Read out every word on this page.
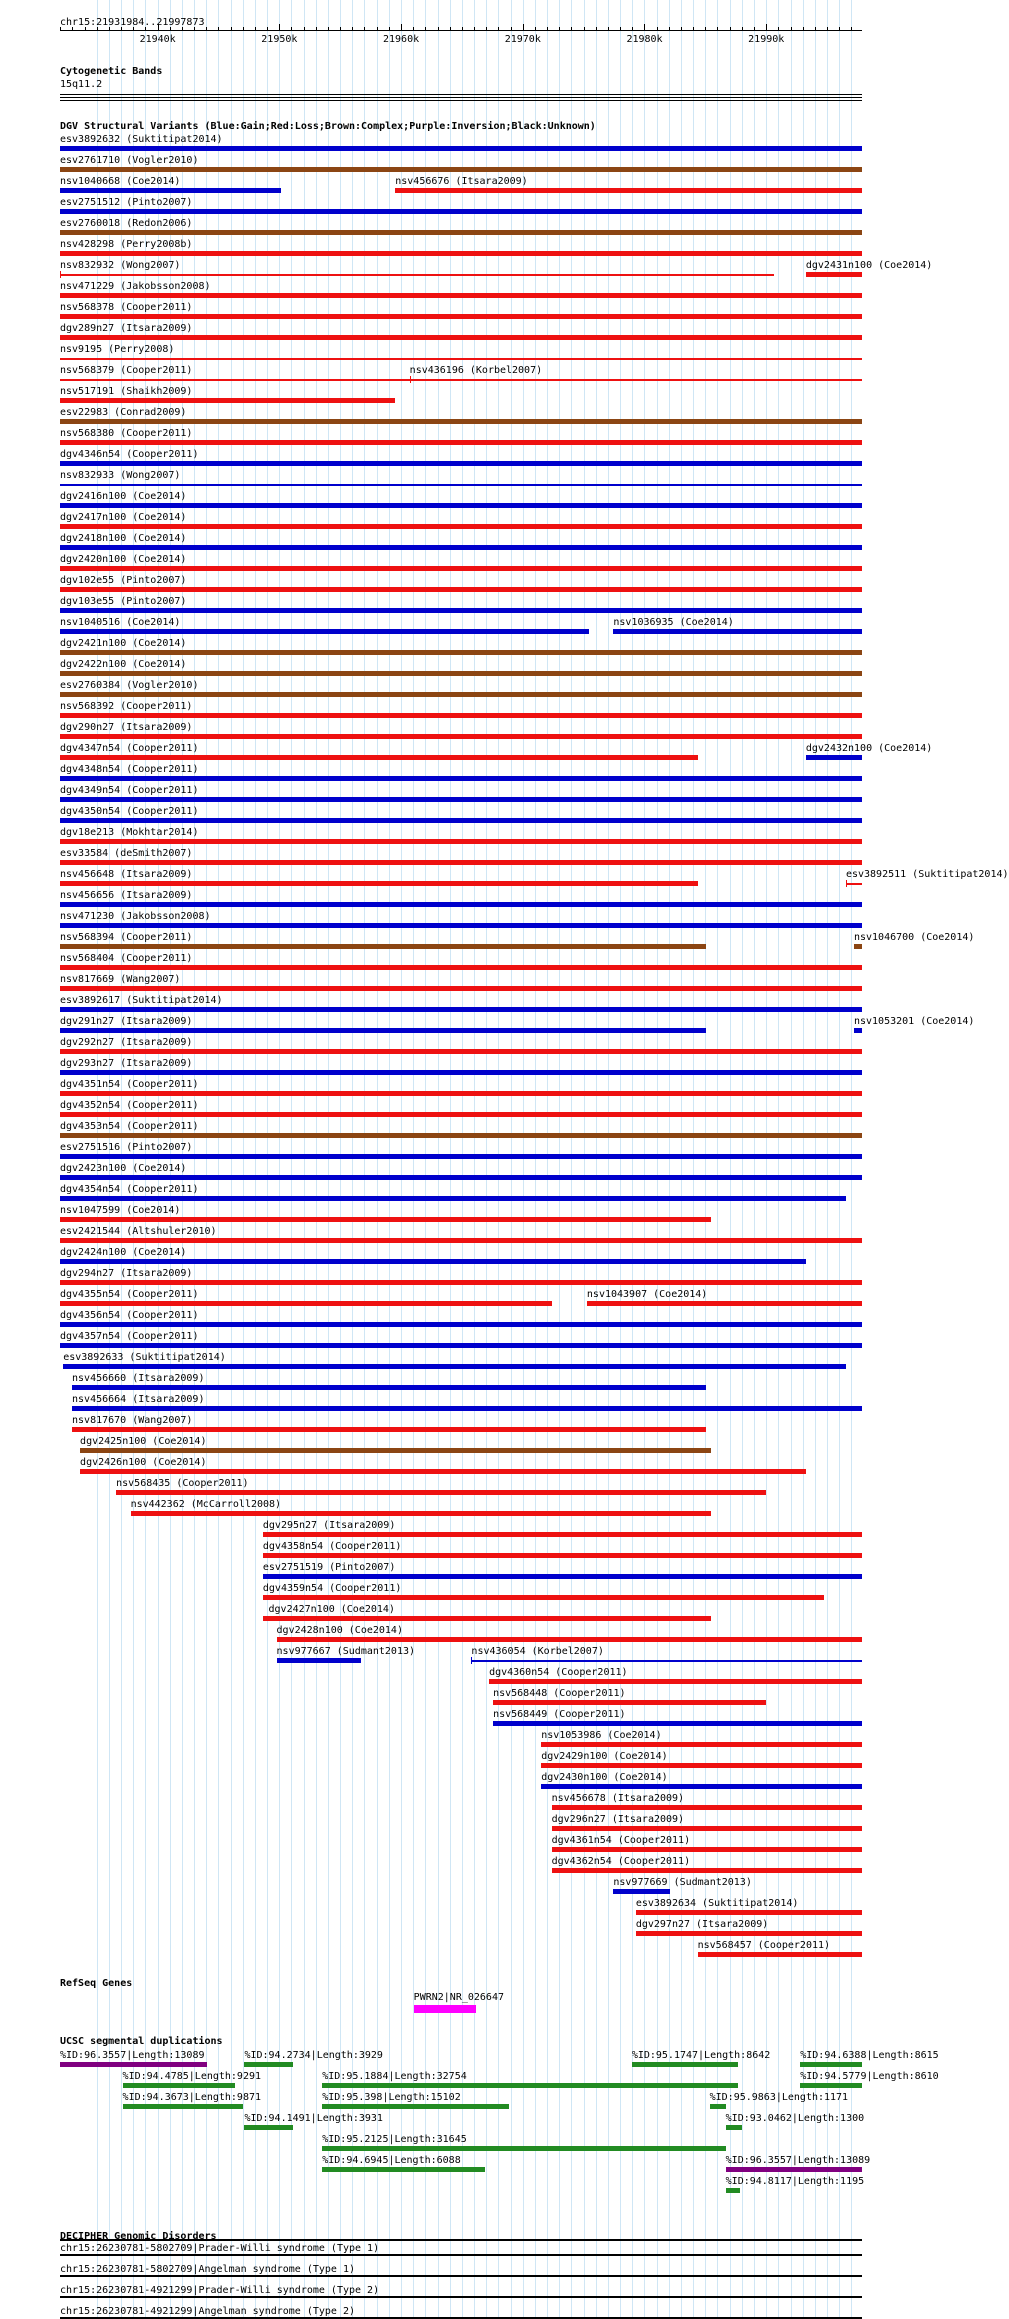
21940k	21950k	21960k	21970k	21980k	21990k
esv3892632 (Suktitipat2014)
esv2761710 (Vogler2010)
nsv1040668 (Coe2014)	nsv456676 (Itsara2009)
esv2751512 (Pinto2007)
esv2760018 (Redon2006)
nsv428298 (Perry2008b)
nsv832932 (Wong2007)	dgv2431n100 (Coe2014)
nsv471229 (Jakobsson2008)
nsv568378 (Cooper2011)
dgv289n27 (Itsara2009)
nsv9195 (Perry2008)
nsv568379 (Cooper2011)	nsv436196 (Korbel2007)
nsv517191 (Shaikh2009)
esv22983 (Conrad2009)
nsv568380 (Cooper2011)
dgv4346n54 (Cooper2011)
nsv832933 (Wong2007)
dgv2416n100 (Coe2014)
dgv2417n100 (Coe2014)
dgv2418n100 (Coe2014)
dgv2420n100 (Coe2014)
dgv102e55 (Pinto2007)
dgv103e55 (Pinto2007)
nsv1040516 (Coe2014)	nsv1036935 (Coe2014)
dgv2421n100 (Coe2014)
dgv2422n100 (Coe2014)
esv2760384 (Vogler2010)
nsv568392 (Cooper2011)
dgv290n27 (Itsara2009)
dgv4347n54 (Cooper2011)	dgv2432n100 (Coe2014)
dgv4348n54 (Cooper2011)
dgv4349n54 (Cooper2011)
dgv4350n54 (Cooper2011)
dgv18e213 (Mokhtar2014)
esv33584 (deSmith2007)
nsv456648 (Itsara2009)	esv3892511 (Suktitipat2014)
nsv456656 (Itsara2009)
nsv471230 (Jakobsson2008)
nsv568394 (Cooper2011)	nsv1046700 (Coe2014)
nsv568404 (Cooper2011)
nsv817669 (Wang2007)
esv3892617 (Suktitipat2014)
dgv291n27 (Itsara2009)	nsv1053201 (Coe2014)
dgv292n27 (Itsara2009)
dgv293n27 (Itsara2009)
dgv4351n54 (Cooper2011)
dgv4352n54 (Cooper2011)
dgv4353n54 (Cooper2011)
esv2751516 (Pinto2007)
dgv2423n100 (Coe2014)
dgv4354n54 (Cooper2011)
nsv1047599 (Coe2014)
esv2421544 (Altshuler2010)
dgv2424n100 (Coe2014)
dgv294n27 (Itsara2009)
dgv4355n54 (Cooper2011)	nsv1043907 (Coe2014)
dgv4356n54 (Cooper2011)
dgv4357n54 (Cooper2011)
esv3892633 (Suktitipat2014)
nsv456660 (Itsara2009)
nsv456664 (Itsara2009)
nsv817670 (Wang2007)
dgv2425n100 (Coe2014)
dgv2426n100 (Coe2014)
nsv568435 (Cooper2011)
nsv442362 (McCarroll2008)
dgv295n27 (Itsara2009)
dgv4358n54 (Cooper2011)
esv2751519 (Pinto2007)
dgv4359n54 (Cooper2011)
dgv2427n100 (Coe2014)
dgv2428n100 (Coe2014)
nsv977667 (Sudmant2013)	nsv436054 (Korbel2007)
dgv4360n54 (Cooper2011)
nsv568448 (Cooper2011)
nsv568449 (Cooper2011)
nsv1053986 (Coe2014)
dgv2429n100 (Coe2014)
dgv2430n100 (Coe2014)
nsv456678 (Itsara2009)
dgv296n27 (Itsara2009)
dgv4361n54 (Cooper2011)
dgv4362n54 (Cooper2011)
nsv977669 (Sudmant2013)
esv3892634 (Suktitipat2014)
dgv297n27 (Itsara2009)
nsv568457 (Cooper2011)
PWRN2|NR_026647
%ID:96.3557|Length:13089	%ID:94.2734|Length:3929	%ID:95.1747|Length:8642	%ID:94.6388|Length:8615
%ID:94.4785|Length:9291	%ID:95.1884|Length:32754	%ID:94.5779|Length:8610
%ID:94.3673|Length:9871	%ID:95.398|Length:15102	%ID:95.9863|Length:1171
%ID:94.1491|Length:3931	%ID:93.0462|Length:1300
%ID:95.2125|Length:31645
%ID:94.6945|Length:6088	%ID:96.3557|Length:13089
%ID:94.8117|Length:1195
chr15:26230781-5802709|Prader-Willi syndrome (Type 1)
chr15:26230781-5802709|Angelman syndrome (Type 1)
chr15:26230781-4921299|Prader-Willi syndrome (Type 2)
chr15:26230781-4921299|Angelman syndrome (Type 2)
chr15:21931984..21997873
Cytogenetic Bands
15q11.2
DGV Structural Variants (Blue:Gain;Red:Loss;Brown:Complex;Purple:Inversion;Black:Unknown)
RefSeq Genes
UCSC segmental duplications
DECIPHER Genomic Disorders
